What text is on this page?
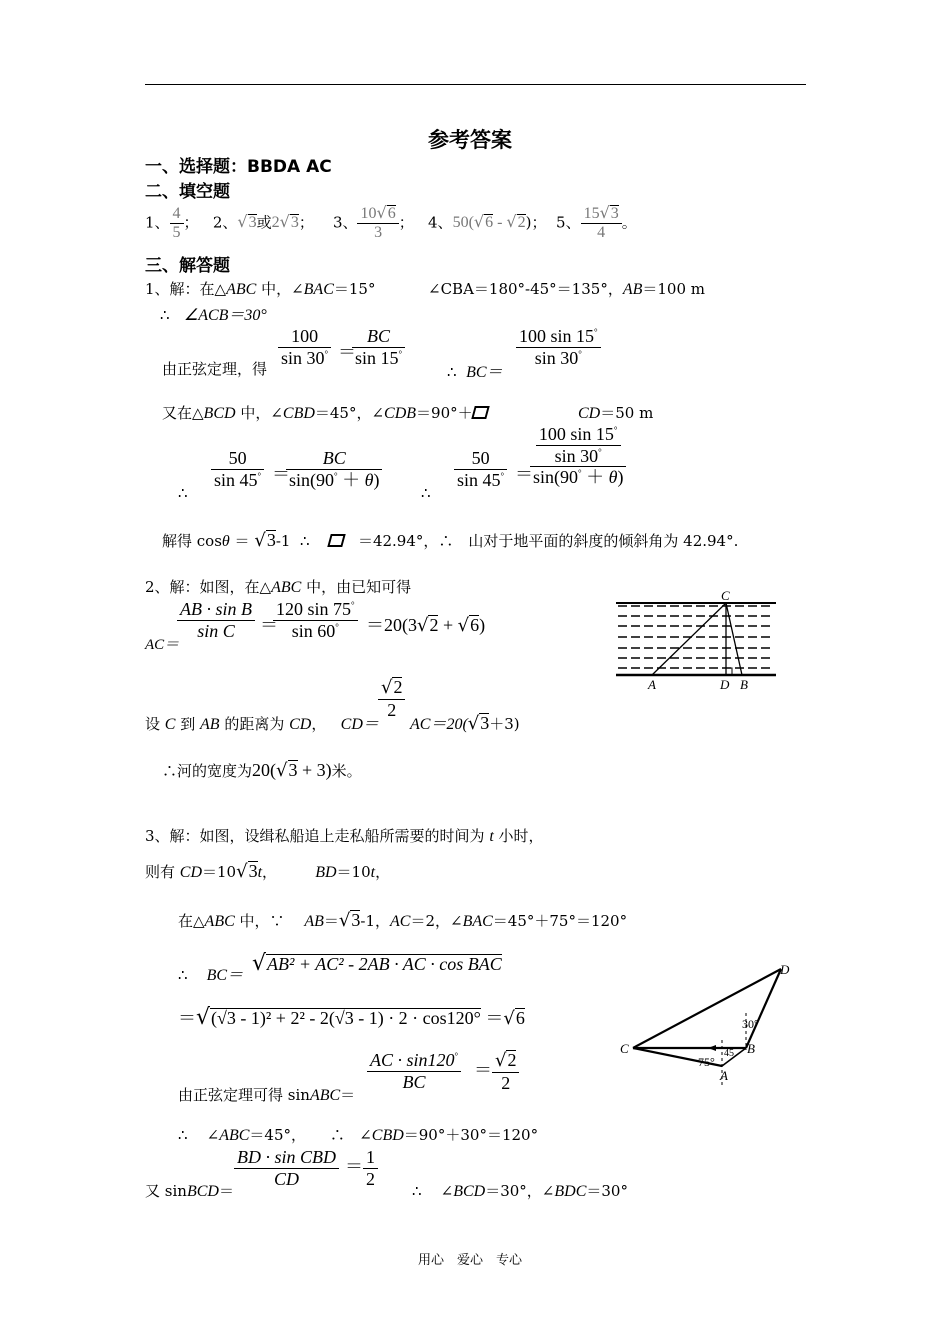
参考答案
一、选择题：BBDA AC
二、填空题
1、 $\frac{4}{5}$ ； 2、√3或2√3； 3、 $\frac{10√6}{3}$ ； 4、50(√6 - √2)； 5、 $\frac{15√3}{4}$ 。
三、解答题
1、解：在△ABC 中，∠BAC＝15°	∠CBA＝180°-45°＝135°，AB＝100 m
∴ ∠ACB＝30°
由正弦定理，得
$\frac{100}{\sin 30^\circ}$ ＝
$\frac{BC}{\sin 15^\circ}$
∴ BC＝
$\frac{100 \sin 15^\circ}{\sin 30^\circ}$
又在△BCD 中，∠CBD＝45°，∠CDB＝90°＋	CD＝50 m
∴
$\frac{50}{\sin 45^\circ}$ ＝
$\frac{BC}{\sin(90^\circ + \theta)}$
∴
$\frac{50}{\sin 45^\circ}$ ＝
$\frac{\frac{100 \sin 15^\circ}{\sin 30^\circ}}{\sin(90^\circ + \theta)}$
解得 cosθ ＝ √3-1 ∴	＝42.94°，∴　山对于地平面的斜度的倾斜角为 42.94°.
2、解：如图，在△ABC 中，由已知可得
AC＝
$\frac{\text{AB · sin B}}{\text{sin C}}$ ＝
$\frac{120 \sin 75^\circ}{\sin 60^\circ} =20(3√2 + √6)$
C
A	D B
设 C 到 AB 的距离为 CD， CD＝
$\frac{√2}{2}$
AC＝20(√3＋3)
∴河的宽度为20(√3 + 3)米。
3、解：如图，设缉私船追上走私船所需要的时间为 t 小时，
则有 CD＝10√3t，        BD＝10t，
在△ABC 中，∵　 AB＝√3-1，AC＝2，∠BAC＝45°＋75°＝120°
∴ BC＝ √AB² + AC² - 2AB · AC · cos BAC
＝√(√3 - 1)² + 2² - 2(√3 - 1) · 2 · cos120° ＝√6
由正弦定理可得 sinABC＝
$\frac{AC \cdot \sin 120^\circ}{BC} = \frac{√2}{2}$
C
D
B
A
30°
75°
45
∴ ∠ABC＝45°， ∴ ∠CBD＝90°＋30°＝120°
又 sinBCD＝
$\frac{\text{BD · sin CBD}}{CD} = \frac{1}{2}$
∴ ∠BCD＝30°，∠BDC＝30°
用心　爱心　专心
